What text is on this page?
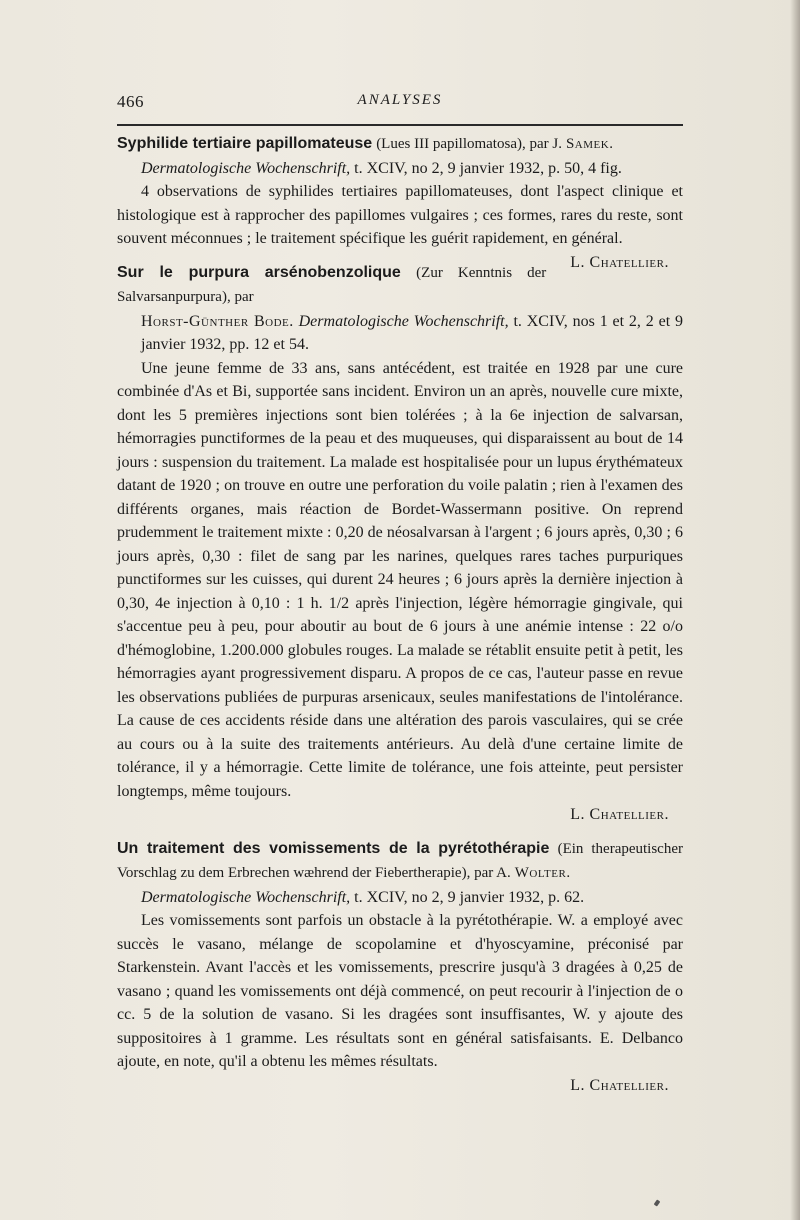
466	ANALYSES

Syphilide tertiaire papillomateuse (Lues III papillomatosa), par J. Samek.

Dermatologische Wochenschrift, t. XCIV, no 2, 9 janvier 1932, p. 50, 4 fig.

4 observations de syphilides tertiaires papillomateuses, dont l'aspect clinique et histologique est à rapprocher des papillomes vulgaires ; ces formes, rares du reste, sont souvent méconnues ; le traitement spécifique les guérit rapidement, en général.
L. Chatellier.

Sur le purpura arsénobenzolique (Zur Kenntnis der Salvarsanpurpura), par

Horst-Günther Bode. Dermatologische Wochenschrift, t. XCIV, nos 1 et 2, 2 et 9 janvier 1932, pp. 12 et 54.

Une jeune femme de 33 ans, sans antécédent, est traitée en 1928 par une cure combinée d'As et Bi, supportée sans incident. Environ un an après, nouvelle cure mixte, dont les 5 premières injections sont bien tolérées ; à la 6e injection de salvarsan, hémorragies punctiformes de la peau et des muqueuses, qui disparaissent au bout de 14 jours : suspension du traitement. La malade est hospitalisée pour un lupus érythémateux datant de 1920 ; on trouve en outre une perforation du voile palatin ; rien à l'examen des différents organes, mais réaction de Bordet-Wassermann positive. On reprend prudemment le traitement mixte : 0,20 de néosalvarsan à l'argent ; 6 jours après, 0,30 ; 6 jours après, 0,30 : filet de sang par les narines, quelques rares taches purpuriques punctiformes sur les cuisses, qui durent 24 heures ; 6 jours après la dernière injection à 0,30, 4e injection à 0,10 : 1 h. 1/2 après l'injection, légère hémorragie gingivale, qui s'accentue peu à peu, pour aboutir au bout de 6 jours à une anémie intense : 22 o/o d'hémoglobine, 1.200.000 globules rouges. La malade se rétablit ensuite petit à petit, les hémorragies ayant progressivement disparu. A propos de ce cas, l'auteur passe en revue les observations publiées de purpuras arsenicaux, seules manifestations de l'intolérance. La cause de ces accidents réside dans une altération des parois vasculaires, qui se crée au cours ou à la suite des traitements antérieurs. Au delà d'une certaine limite de tolérance, il y a hémorragie. Cette limite de tolérance, une fois atteinte, peut persister longtemps, même toujours.

L. Chatellier.

Un traitement des vomissements de la pyrétothérapie (Ein therapeutischer Vorschlag zu dem Erbrechen wæhrend der Fiebertherapie), par A. Wolter.

Dermatologische Wochenschrift, t. XCIV, no 2, 9 janvier 1932, p. 62.

Les vomissements sont parfois un obstacle à la pyrétothérapie. W. a employé avec succès le vasano, mélange de scopolamine et d'hyoscyamine, préconisé par Starkenstein. Avant l'accès et les vomissements, prescrire jusqu'à 3 dragées à 0,25 de vasano ; quand les vomissements ont déjà commencé, on peut recourir à l'injection de o cc. 5 de la solution de vasano. Si les dragées sont insuffisantes, W. y ajoute des suppositoires à 1 gramme. Les résultats sont en général satisfaisants. E. Delbanco ajoute, en note, qu'il a obtenu les mêmes résultats.

L. Chatellier.
